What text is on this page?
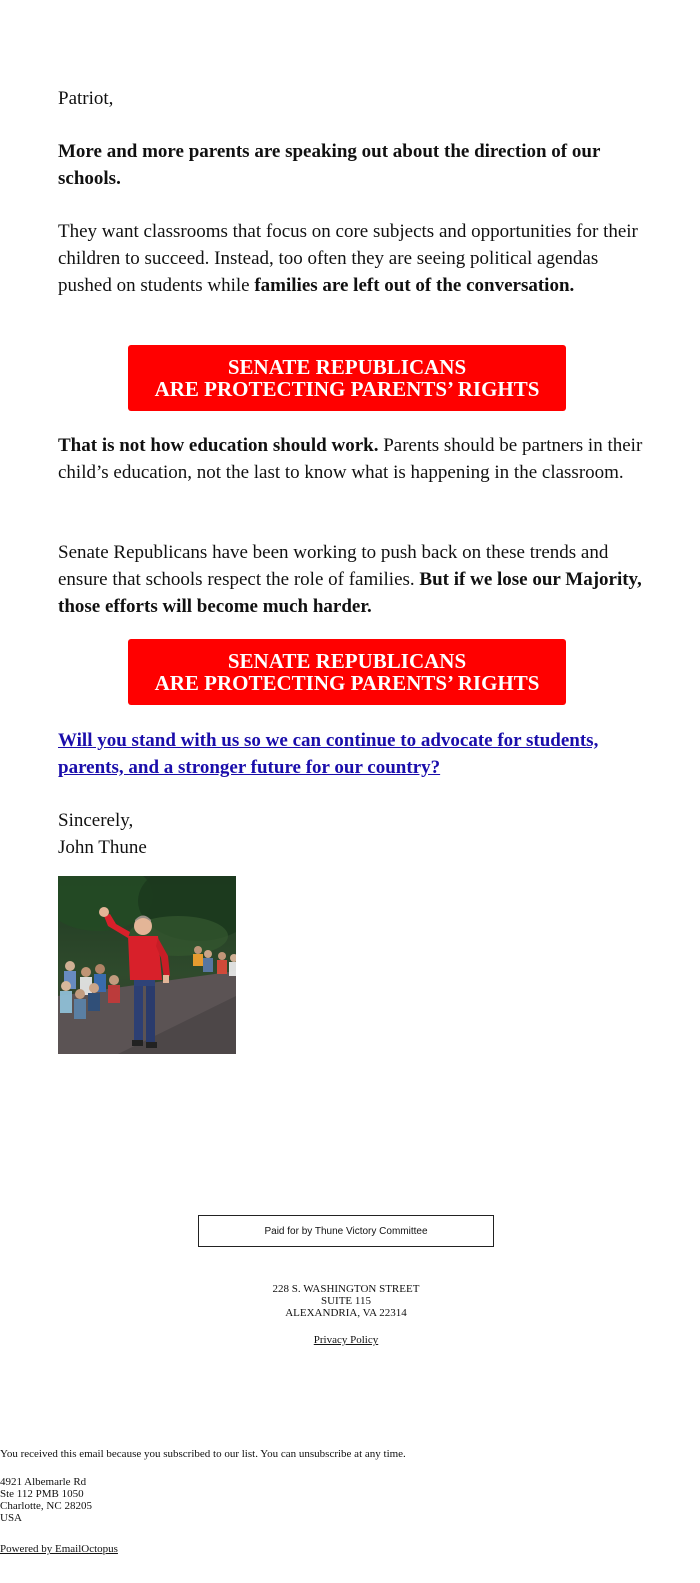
Patriot,

More and more parents are speaking out about the direction of our schools.

They want classrooms that focus on core subjects and opportunities for their children to succeed. Instead, too often they are seeing political agendas pushed on students while families are left out of the conversation.

SENATE REPUBLICANS
ARE PROTECTING PARENTS’ RIGHTS

That is not how education should work. Parents should be partners in their child’s education, not the last to know what is happening in the classroom.

Senate Republicans have been working to push back on these trends and ensure that schools respect the role of families. But if we lose our Majority, those efforts will become much harder.

SENATE REPUBLICANS
ARE PROTECTING PARENTS’ RIGHTS

Will you stand with us so we can continue to advocate for students, parents, and a stronger future for our country?

Sincerely,

John Thune

Paid for by Thune Victory Committee
228 S. WASHINGTON STREET
SUITE 115
ALEXANDRIA, VA 22314
Privacy Policy
You received this email because you subscribed to our list. You can unsubscribe at any time.
4921 Albemarle Rd
Ste 112 PMB 1050
Charlotte, NC 28205
USA
Powered by EmailOctopus
